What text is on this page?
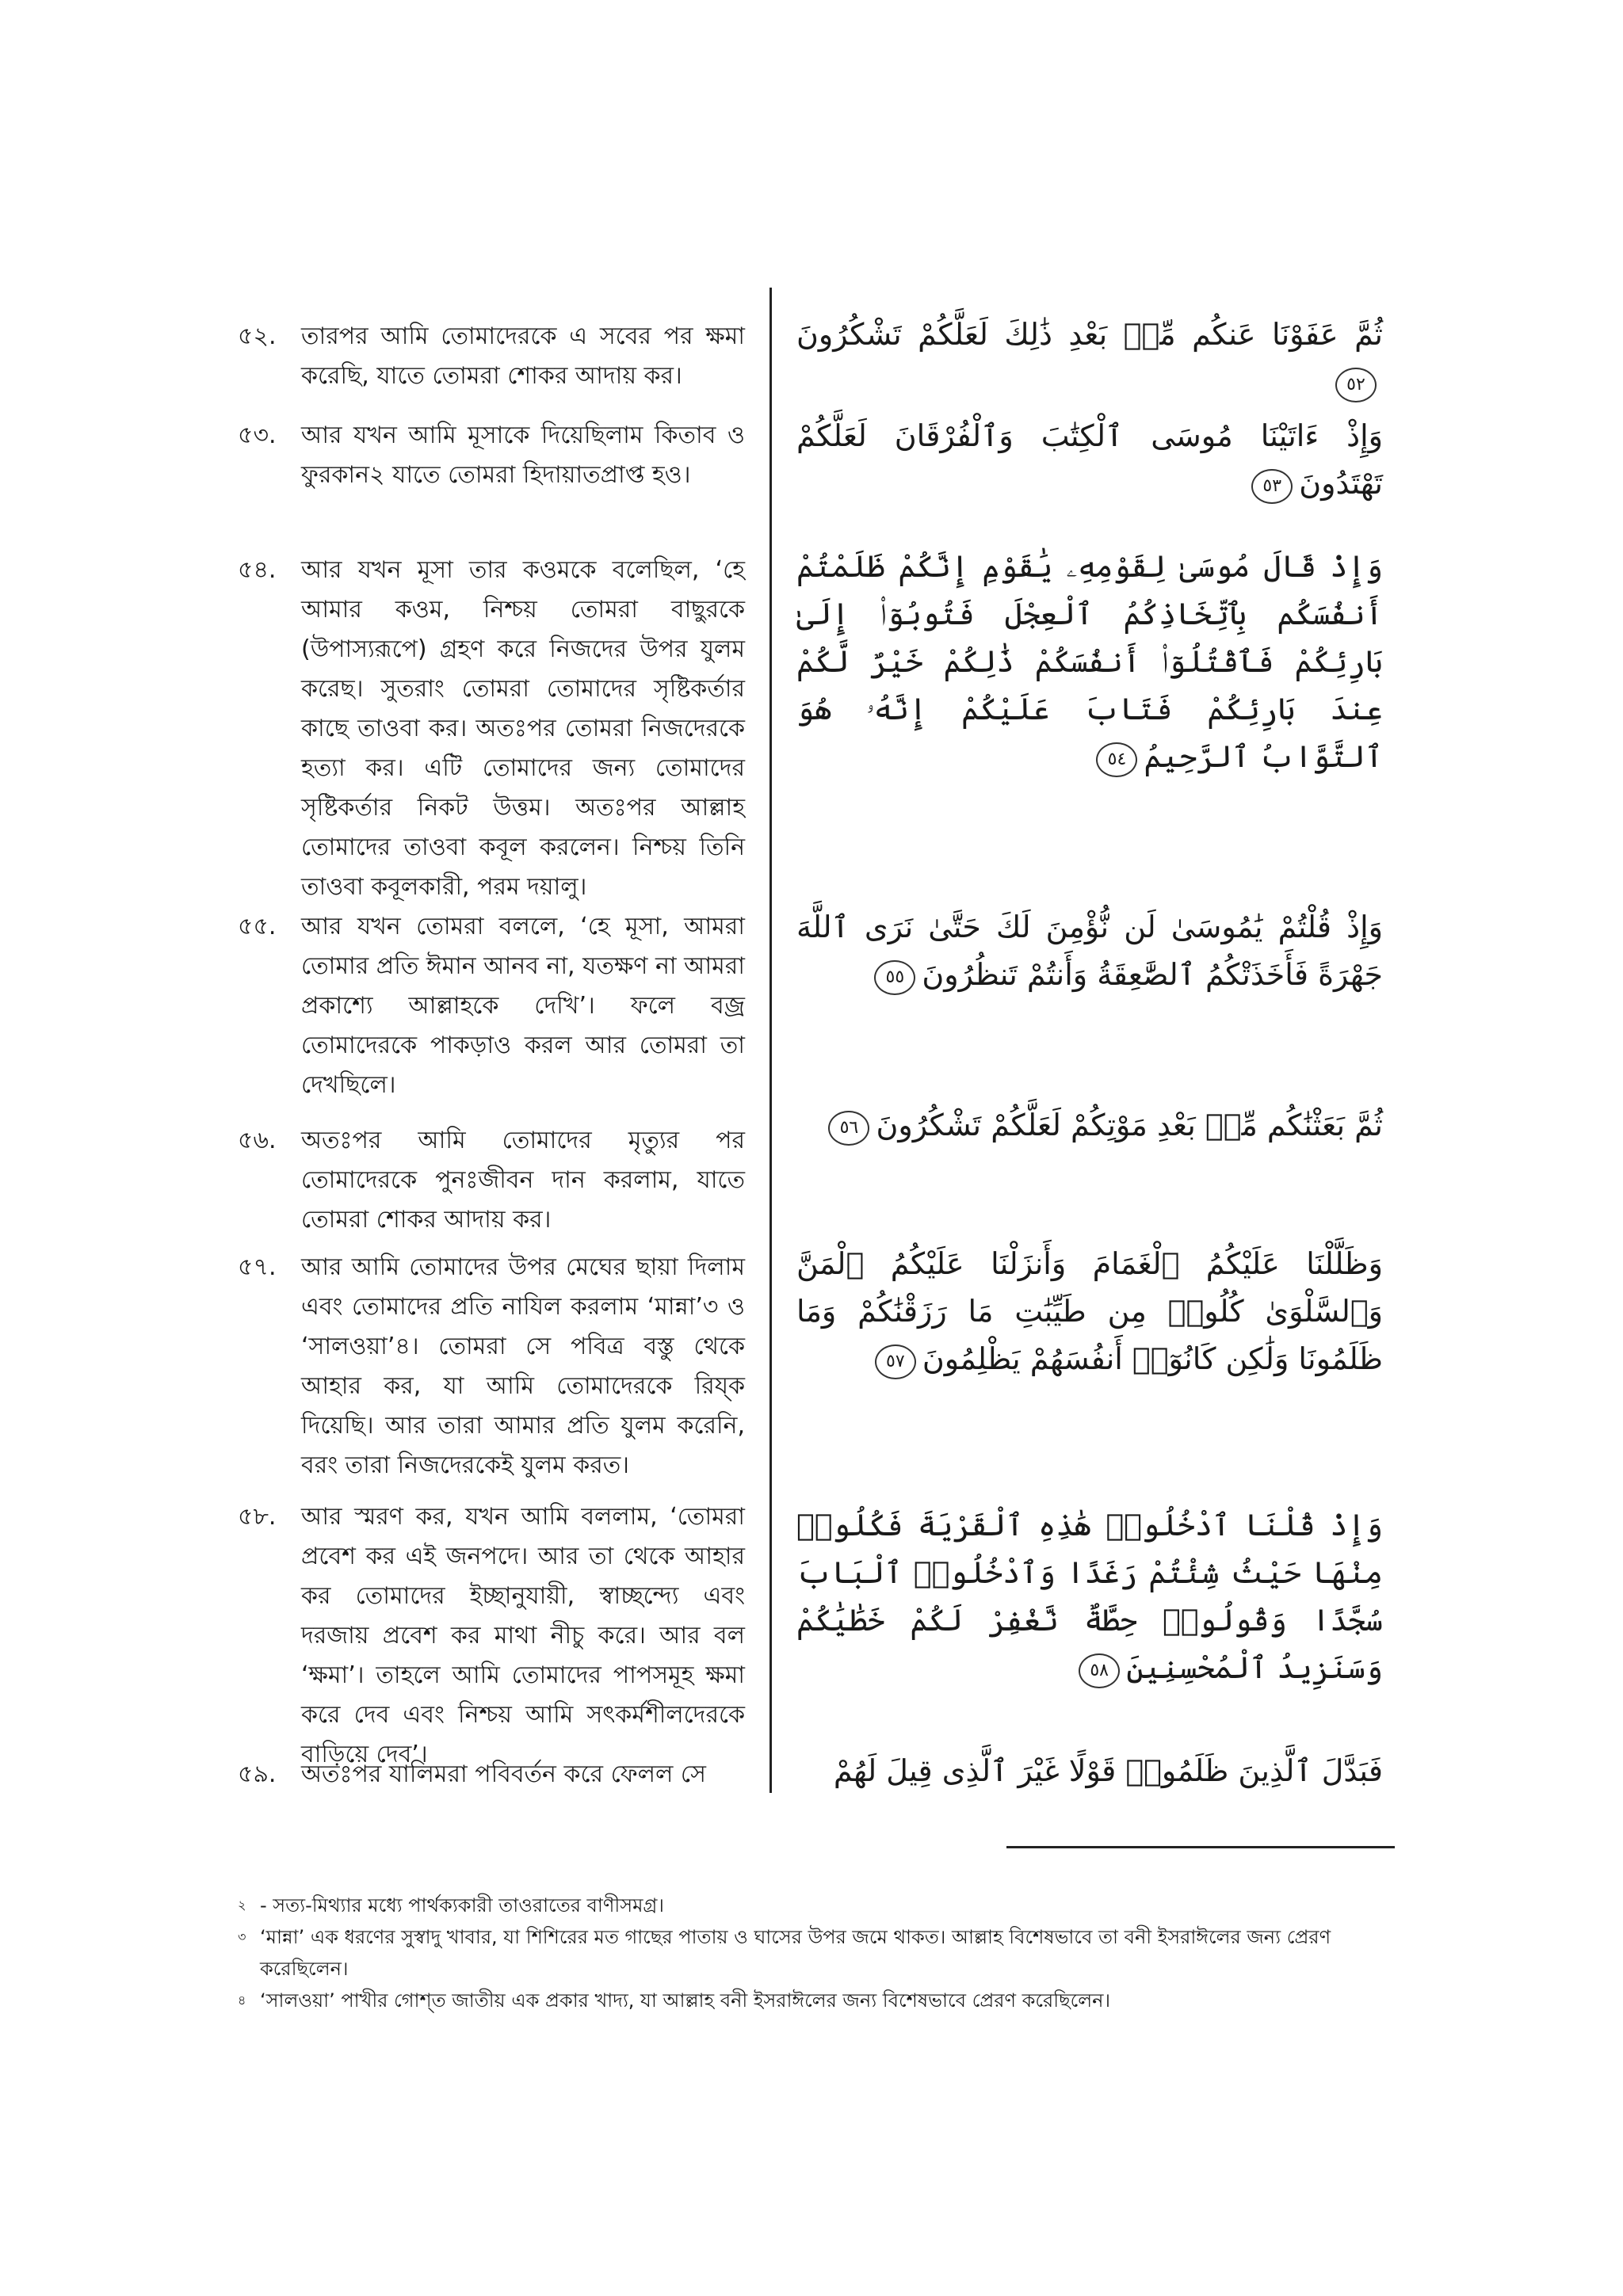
৫২.	তারপর আমি তোমাদেরকে এ সবের পর ক্ষমা করেছি, যাতে তোমরা শোকর আদায় কর।
৫৩.	আর যখন আমি মূসাকে দিয়েছিলাম কিতাব ও ফুরকান২ যাতে তোমরা হিদায়াতপ্রাপ্ত হও।
৫৪.	আর যখন মূসা তার কওমকে বলেছিল, ‘হে আমার কওম, নিশ্চয় তোমরা বাছুরকে (উপাস্যরূপে) গ্রহণ করে নিজদের উপর যুলম করেছ। সুতরাং তোমরা তোমাদের সৃষ্টিকর্তার কাছে তাওবা কর। অতঃপর তোমরা নিজদেরকে হত্যা কর। এটি তোমাদের জন্য তোমাদের সৃষ্টিকর্তার নিকট উত্তম। অতঃপর আল্লাহ তোমাদের তাওবা কবূল করলেন। নিশ্চয় তিনি তাওবা কবূলকারী, পরম দয়ালু।
৫৫.	আর যখন তোমরা বললে, ‘হে মূসা, আমরা তোমার প্রতি ঈমান আনব না, যতক্ষণ না আমরা প্রকাশ্যে আল্লাহকে দেখি’। ফলে বজ্র তোমাদেরকে পাকড়াও করল আর তোমরা তা দেখছিলে।
৫৬.	অতঃপর আমি তোমাদের মৃত্যুর পর তোমাদেরকে পুনঃজীবন দান করলাম, যাতে তোমরা শোকর আদায় কর।
৫৭.	আর আমি তোমাদের উপর মেঘের ছায়া দিলাম এবং তোমাদের প্রতি নাযিল করলাম ‘মান্না’৩ ও ‘সালওয়া’৪। তোমরা সে পবিত্র বস্তু থেকে আহার কর, যা আমি তোমাদেরকে রিয্ক দিয়েছি। আর তারা আমার প্রতি যুলম করেনি, বরং তারা নিজদেরকেই যুলম করত।
৫৮.	আর স্মরণ কর, যখন আমি বললাম, ‘তোমরা প্রবেশ কর এই জনপদে। আর তা থেকে আহার কর তোমাদের ইচ্ছানুযায়ী, স্বাচ্ছন্দ্যে এবং দরজায় প্রবেশ কর মাথা নীচু করে। আর বল ‘ক্ষমা’। তাহলে আমি তোমাদের পাপসমূহ ক্ষমা করে দেব এবং নিশ্চয় আমি সৎকর্মশীলদেরকে বাড়িয়ে দেব’।
৫৯.	অতঃপর যালিমরা পবিবর্তন করে ফেলল সে
ثُمَّ عَفَوْنَا عَنكُم مِّنۢ بَعْدِ ذَٰلِكَ لَعَلَّكُمْ تَشْكُرُونَ٥٢
وَإِذْ ءَاتَيْنَا مُوسَى ٱلْكِتَٰبَ وَٱلْفُرْقَانَ لَعَلَّكُمْ تَهْتَدُونَ٥٣
وَإِذْ قَالَ مُوسَىٰ لِقَوْمِهِۦ يَٰقَوْمِ إِنَّكُمْ ظَلَمْتُمْ أَنفُسَكُم بِٱتِّخَاذِكُمُ ٱلْعِجْلَ فَتُوبُوٓا۟ إِلَىٰ بَارِئِكُمْ فَٱقْتُلُوٓا۟ أَنفُسَكُمْ ذَٰلِكُمْ خَيْرٌ لَّكُمْ عِندَ بَارِئِكُمْ فَتَابَ عَلَيْكُمْ إِنَّهُۥ هُوَ ٱلتَّوَّابُ ٱلرَّحِيمُ٥٤
وَإِذْ قُلْتُمْ يَٰمُوسَىٰ لَن نُّؤْمِنَ لَكَ حَتَّىٰ نَرَى ٱللَّهَ جَهْرَةً فَأَخَذَتْكُمُ ٱلصَّٰعِقَةُ وَأَنتُمْ تَنظُرُونَ٥٥
ثُمَّ بَعَثْنَٰكُم مِّنۢ بَعْدِ مَوْتِكُمْ لَعَلَّكُمْ تَشْكُرُونَ٥٦
وَظَلَّلْنَا عَلَيْكُمُ ٱلْغَمَامَ وَأَنزَلْنَا عَلَيْكُمُ ٱلْمَنَّ وَٱلسَّلْوَىٰ كُلُوا۟ مِن طَيِّبَٰتِ مَا رَزَقْنَٰكُمْ وَمَا ظَلَمُونَا وَلَٰكِن كَانُوٓا۟ أَنفُسَهُمْ يَظْلِمُونَ٥٧
وَإِذْ قُلْنَا ٱدْخُلُوا۟ هَٰذِهِ ٱلْقَرْيَةَ فَكُلُوا۟ مِنْهَا حَيْثُ شِئْتُمْ رَغَدًا وَٱدْخُلُوا۟ ٱلْبَابَ سُجَّدًا وَقُولُوا۟ حِطَّةٌ نَّغْفِرْ لَكُمْ خَطَٰيَٰكُمْ وَسَنَزِيدُ ٱلْمُحْسِنِينَ٥٨
فَبَدَّلَ ٱلَّذِينَ ظَلَمُوا۟ قَوْلًا غَيْرَ ٱلَّذِى قِيلَ لَهُمْ
২ - সত্য-মিথ্যার মধ্যে পার্থক্যকারী তাওরাতের বাণীসমগ্র।
৩ ‘মান্না’ এক ধরণের সুস্বাদু খাবার, যা শিশিরের মত গাছের পাতায় ও ঘাসের উপর জমে থাকত। আল্লাহ বিশেষভাবে তা বনী ইসরাঈলের জন্য প্রেরণ করেছিলেন।
৪ ‘সালওয়া’ পাখীর গোশ্‌ত জাতীয় এক প্রকার খাদ্য, যা আল্লাহ বনী ইসরাঈলের জন্য বিশেষভাবে প্রেরণ করেছিলেন।
